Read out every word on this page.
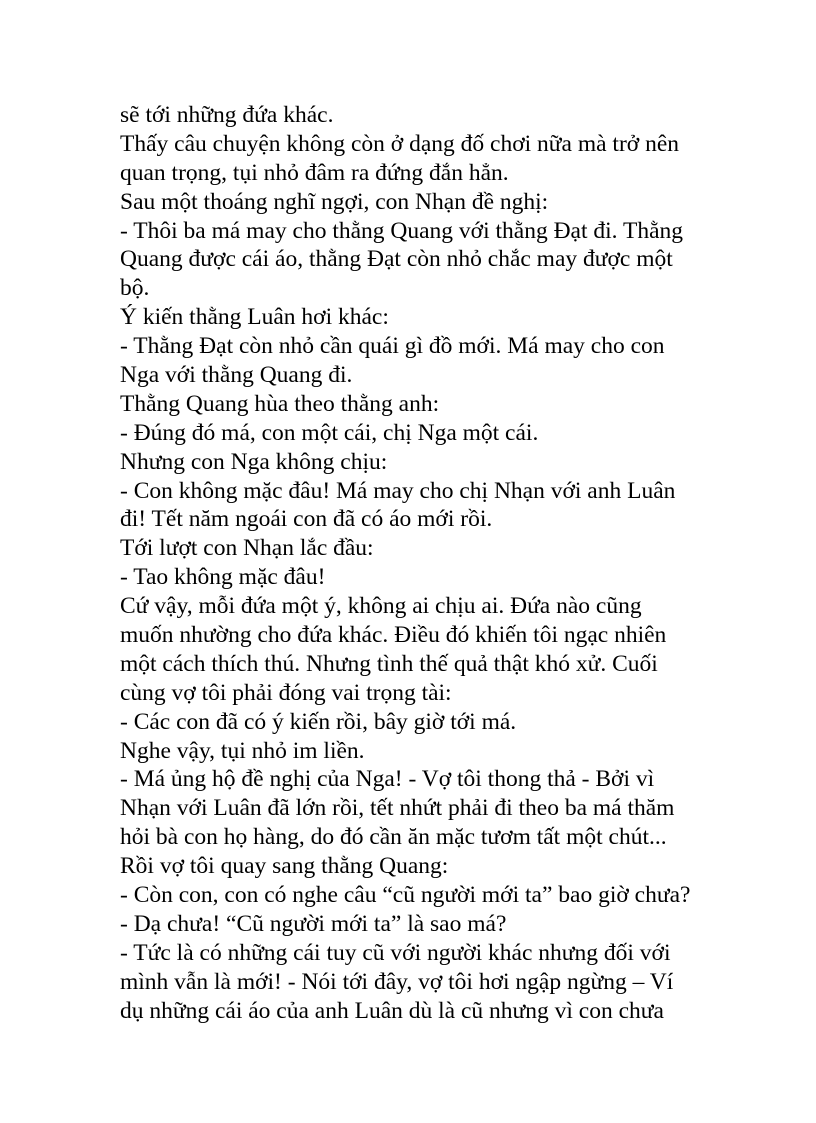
sẽ tới những đứa khác.
Thấy câu chuyện không còn ở dạng đố chơi nữa mà trở nên
quan trọng, tụi nhỏ đâm ra đứng đắn hẳn.
Sau một thoáng nghĩ ngợi, con Nhạn đề nghị:
- Thôi ba má may cho thằng Quang với thằng Đạt đi. Thằng
Quang được cái áo, thằng Đạt còn nhỏ chắc may được một
bộ.
Ý kiến thằng Luân hơi khác:
- Thằng Đạt còn nhỏ cần quái gì đồ mới. Má may cho con
Nga với thằng Quang đi.
Thằng Quang hùa theo thằng anh:
- Đúng đó má, con một cái, chị Nga một cái.
Nhưng con Nga không chịu:
- Con không mặc đâu! Má may cho chị Nhạn với anh Luân
đi! Tết năm ngoái con đã có áo mới rồi.
Tới lượt con Nhạn lắc đầu:
- Tao không mặc đâu!
Cứ vậy, mỗi đứa một ý, không ai chịu ai. Đứa nào cũng
muốn nhường cho đứa khác. Điều đó khiến tôi ngạc nhiên
một cách thích thú. Nhưng tình thế quả thật khó xử. Cuối
cùng vợ tôi phải đóng vai trọng tài:
- Các con đã có ý kiến rồi, bây giờ tới má.
Nghe vậy, tụi nhỏ im liền.
- Má ủng hộ đề nghị của Nga! - Vợ tôi thong thả - Bởi vì
Nhạn với Luân đã lớn rồi, tết nhứt phải đi theo ba má thăm
hỏi bà con họ hàng, do đó cần ăn mặc tươm tất một chút...
Rồi vợ tôi quay sang thằng Quang:
- Còn con, con có nghe câu “cũ người mới ta” bao giờ chưa?
- Dạ chưa! “Cũ người mới ta” là sao má?
- Tức là có những cái tuy cũ với người khác nhưng đối với
mình vẫn là mới! - Nói tới đây, vợ tôi hơi ngập ngừng – Ví
dụ những cái áo của anh Luân dù là cũ nhưng vì con chưa
